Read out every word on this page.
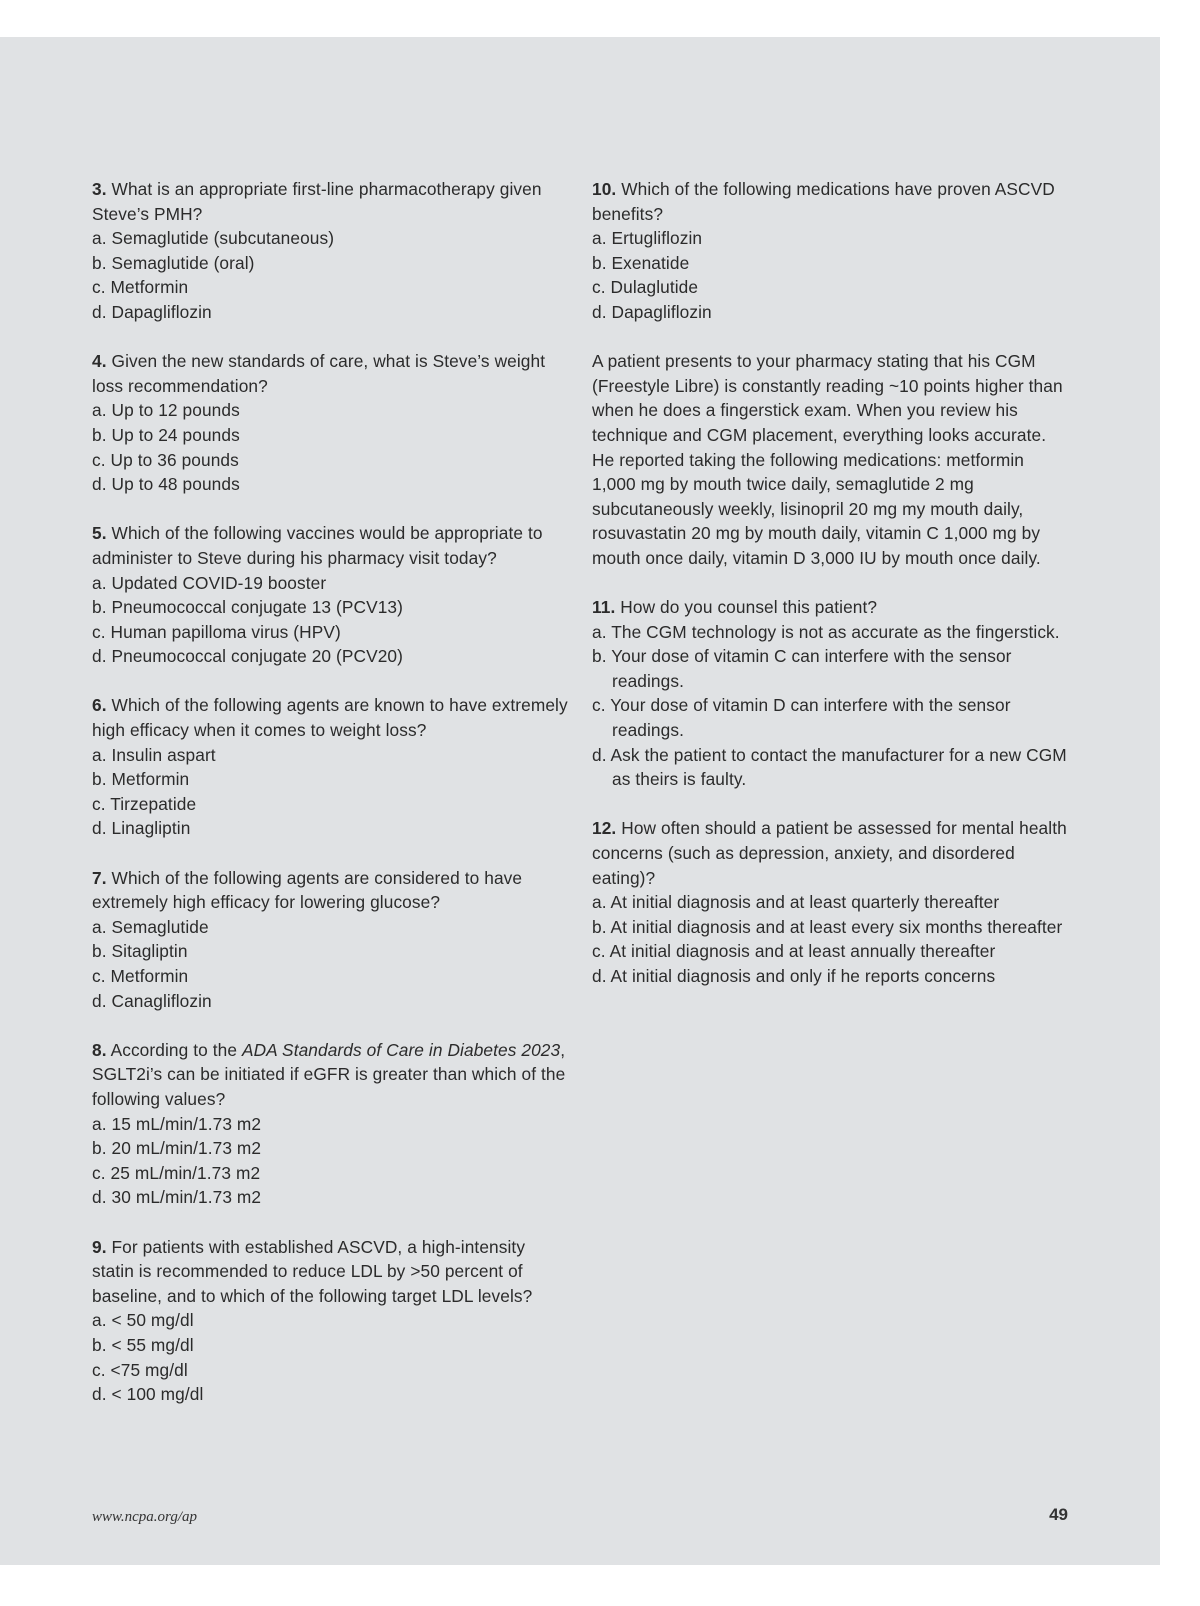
3. What is an appropriate first-line pharmacotherapy given Steve’s PMH?
a. Semaglutide (subcutaneous)
b. Semaglutide (oral)
c. Metformin
d. Dapagliflozin
4. Given the new standards of care, what is Steve’s weight loss recommendation?
a. Up to 12 pounds
b. Up to 24 pounds
c. Up to 36 pounds
d. Up to 48 pounds
5. Which of the following vaccines would be appropriate to administer to Steve during his pharmacy visit today?
a. Updated COVID-19 booster
b. Pneumococcal conjugate 13 (PCV13)
c. Human papilloma virus (HPV)
d. Pneumococcal conjugate 20 (PCV20)
6. Which of the following agents are known to have extremely high efficacy when it comes to weight loss?
a. Insulin aspart
b. Metformin
c. Tirzepatide
d. Linagliptin
7. Which of the following agents are considered to have extremely high efficacy for lowering glucose?
a. Semaglutide
b. Sitagliptin
c. Metformin
d. Canagliflozin
8. According to the ADA Standards of Care in Diabetes 2023, SGLT2i’s can be initiated if eGFR is greater than which of the following values?
a. 15 mL/min/1.73 m2
b. 20 mL/min/1.73 m2
c. 25 mL/min/1.73 m2
d. 30 mL/min/1.73 m2
9. For patients with established ASCVD, a high-intensity statin is recommended to reduce LDL by >50 percent of baseline, and to which of the following target LDL levels?
a. < 50 mg/dl
b. < 55 mg/dl
c. <75 mg/dl
d. < 100 mg/dl
10. Which of the following medications have proven ASCVD benefits?
a. Ertugliflozin
b. Exenatide
c. Dulaglutide
d. Dapagliflozin
A patient presents to your pharmacy stating that his CGM (Freestyle Libre) is constantly reading ~10 points higher than when he does a fingerstick exam. When you review his technique and CGM placement, everything looks accurate. He reported taking the following medications: metformin 1,000 mg by mouth twice daily, semaglutide 2 mg subcutaneously weekly, lisinopril 20 mg my mouth daily, rosuvastatin 20 mg by mouth daily, vitamin C 1,000 mg by mouth once daily, vitamin D 3,000 IU by mouth once daily.
11. How do you counsel this patient?
a. The CGM technology is not as accurate as the fingerstick.
b. Your dose of vitamin C can interfere with the sensor readings.
c. Your dose of vitamin D can interfere with the sensor readings.
d. Ask the patient to contact the manufacturer for a new CGM as theirs is faulty.
12. How often should a patient be assessed for mental health concerns (such as depression, anxiety, and disordered eating)?
a. At initial diagnosis and at least quarterly thereafter
b. At initial diagnosis and at least every six months thereafter
c. At initial diagnosis and at least annually thereafter
d. At initial diagnosis and only if he reports concerns
www.ncpa.org/ap	49
